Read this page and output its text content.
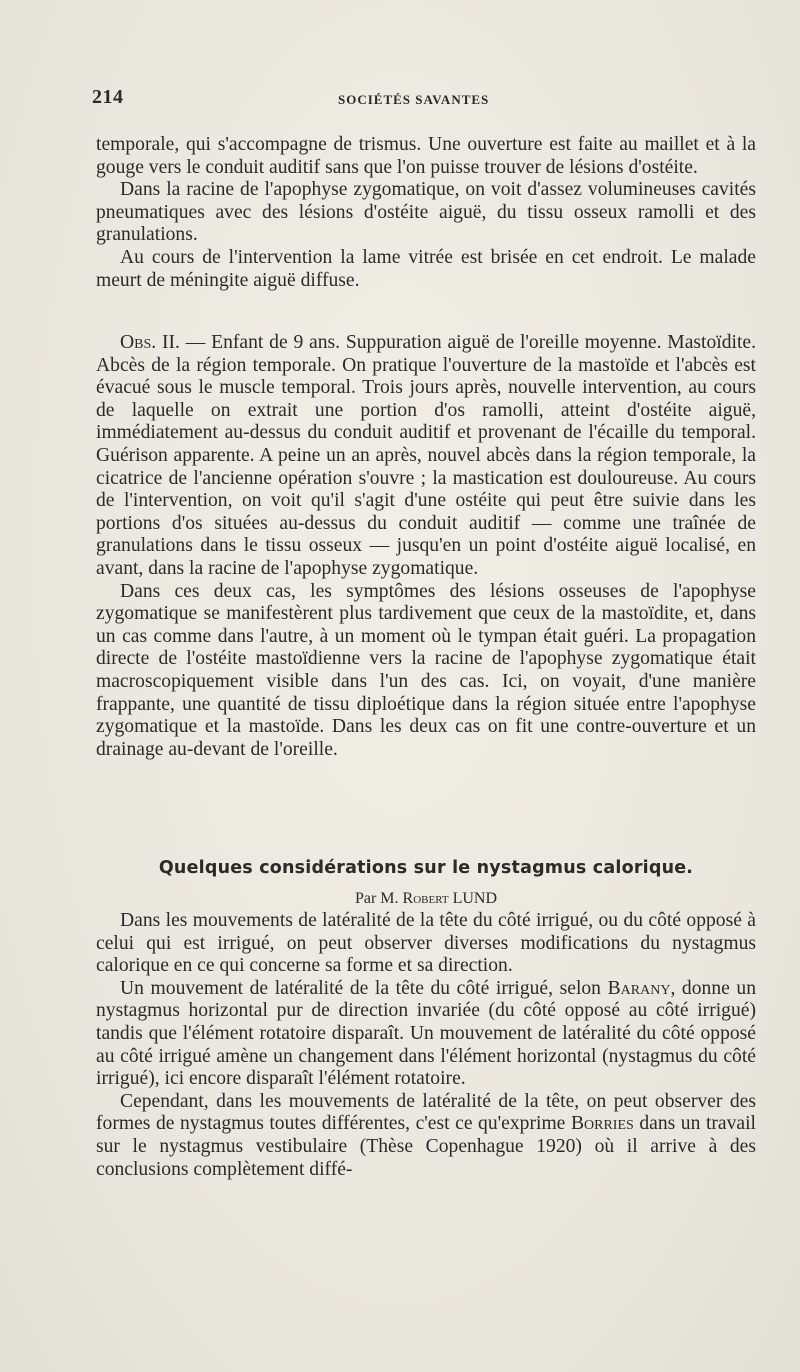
214	SOCIÉTÉS SAVANTES

temporale, qui s'accompagne de trismus. Une ouverture est faite au maillet et à la gouge vers le conduit auditif sans que l'on puisse trouver de lésions d'ostéite.

Dans la racine de l'apophyse zygomatique, on voit d'assez volumineuses cavités pneumatiques avec des lésions d'ostéite aiguë, du tissu osseux ramolli et des granulations.

Au cours de l'intervention la lame vitrée est brisée en cet endroit. Le malade meurt de méningite aiguë diffuse.

Obs. II. — Enfant de 9 ans. Suppuration aiguë de l'oreille moyenne. Mastoïdite. Abcès de la région temporale. On pratique l'ouverture de la mastoïde et l'abcès est évacué sous le muscle temporal. Trois jours après, nouvelle intervention, au cours de laquelle on extrait une portion d'os ramolli, atteint d'ostéite aiguë, immédiatement au-dessus du conduit auditif et provenant de l'écaille du temporal. Guérison apparente. A peine un an après, nouvel abcès dans la région temporale, la cicatrice de l'ancienne opération s'ouvre ; la mastication est douloureuse. Au cours de l'intervention, on voit qu'il s'agit d'une ostéite qui peut être suivie dans les portions d'os situées au-dessus du conduit auditif — comme une traînée de granulations dans le tissu osseux — jusqu'en un point d'ostéite aiguë localisé, en avant, dans la racine de l'apophyse zygomatique.

Dans ces deux cas, les symptômes des lésions osseuses de l'apophyse zygomatique se manifestèrent plus tardivement que ceux de la mastoïdite, et, dans un cas comme dans l'autre, à un moment où le tympan était guéri. La propagation directe de l'ostéite mastoïdienne vers la racine de l'apophyse zygomatique était macroscopiquement visible dans l'un des cas. Ici, on voyait, d'une manière frappante, une quantité de tissu diploétique dans la région située entre l'apophyse zygomatique et la mastoïde. Dans les deux cas on fit une contre-ouverture et un drainage au-devant de l'oreille.

Quelques considérations sur le nystagmus calorique.
Par M. Robert LUND

Dans les mouvements de latéralité de la tête du côté irrigué, ou du côté opposé à celui qui est irrigué, on peut observer diverses modifications du nystagmus calorique en ce qui concerne sa forme et sa direction.

Un mouvement de latéralité de la tête du côté irrigué, selon Barany, donne un nystagmus horizontal pur de direction invariée (du côté opposé au côté irrigué) tandis que l'élément rotatoire disparaît. Un mouvement de latéralité du côté opposé au côté irrigué amène un changement dans l'élément horizontal (nystagmus du côté irrigué), ici encore disparaît l'élément rotatoire.

Cependant, dans les mouvements de latéralité de la tête, on peut observer des formes de nystagmus toutes différentes, c'est ce qu'exprime Borries dans un travail sur le nystagmus vestibulaire (Thèse Copenhague 1920) où il arrive à des conclusions complètement diffé-
